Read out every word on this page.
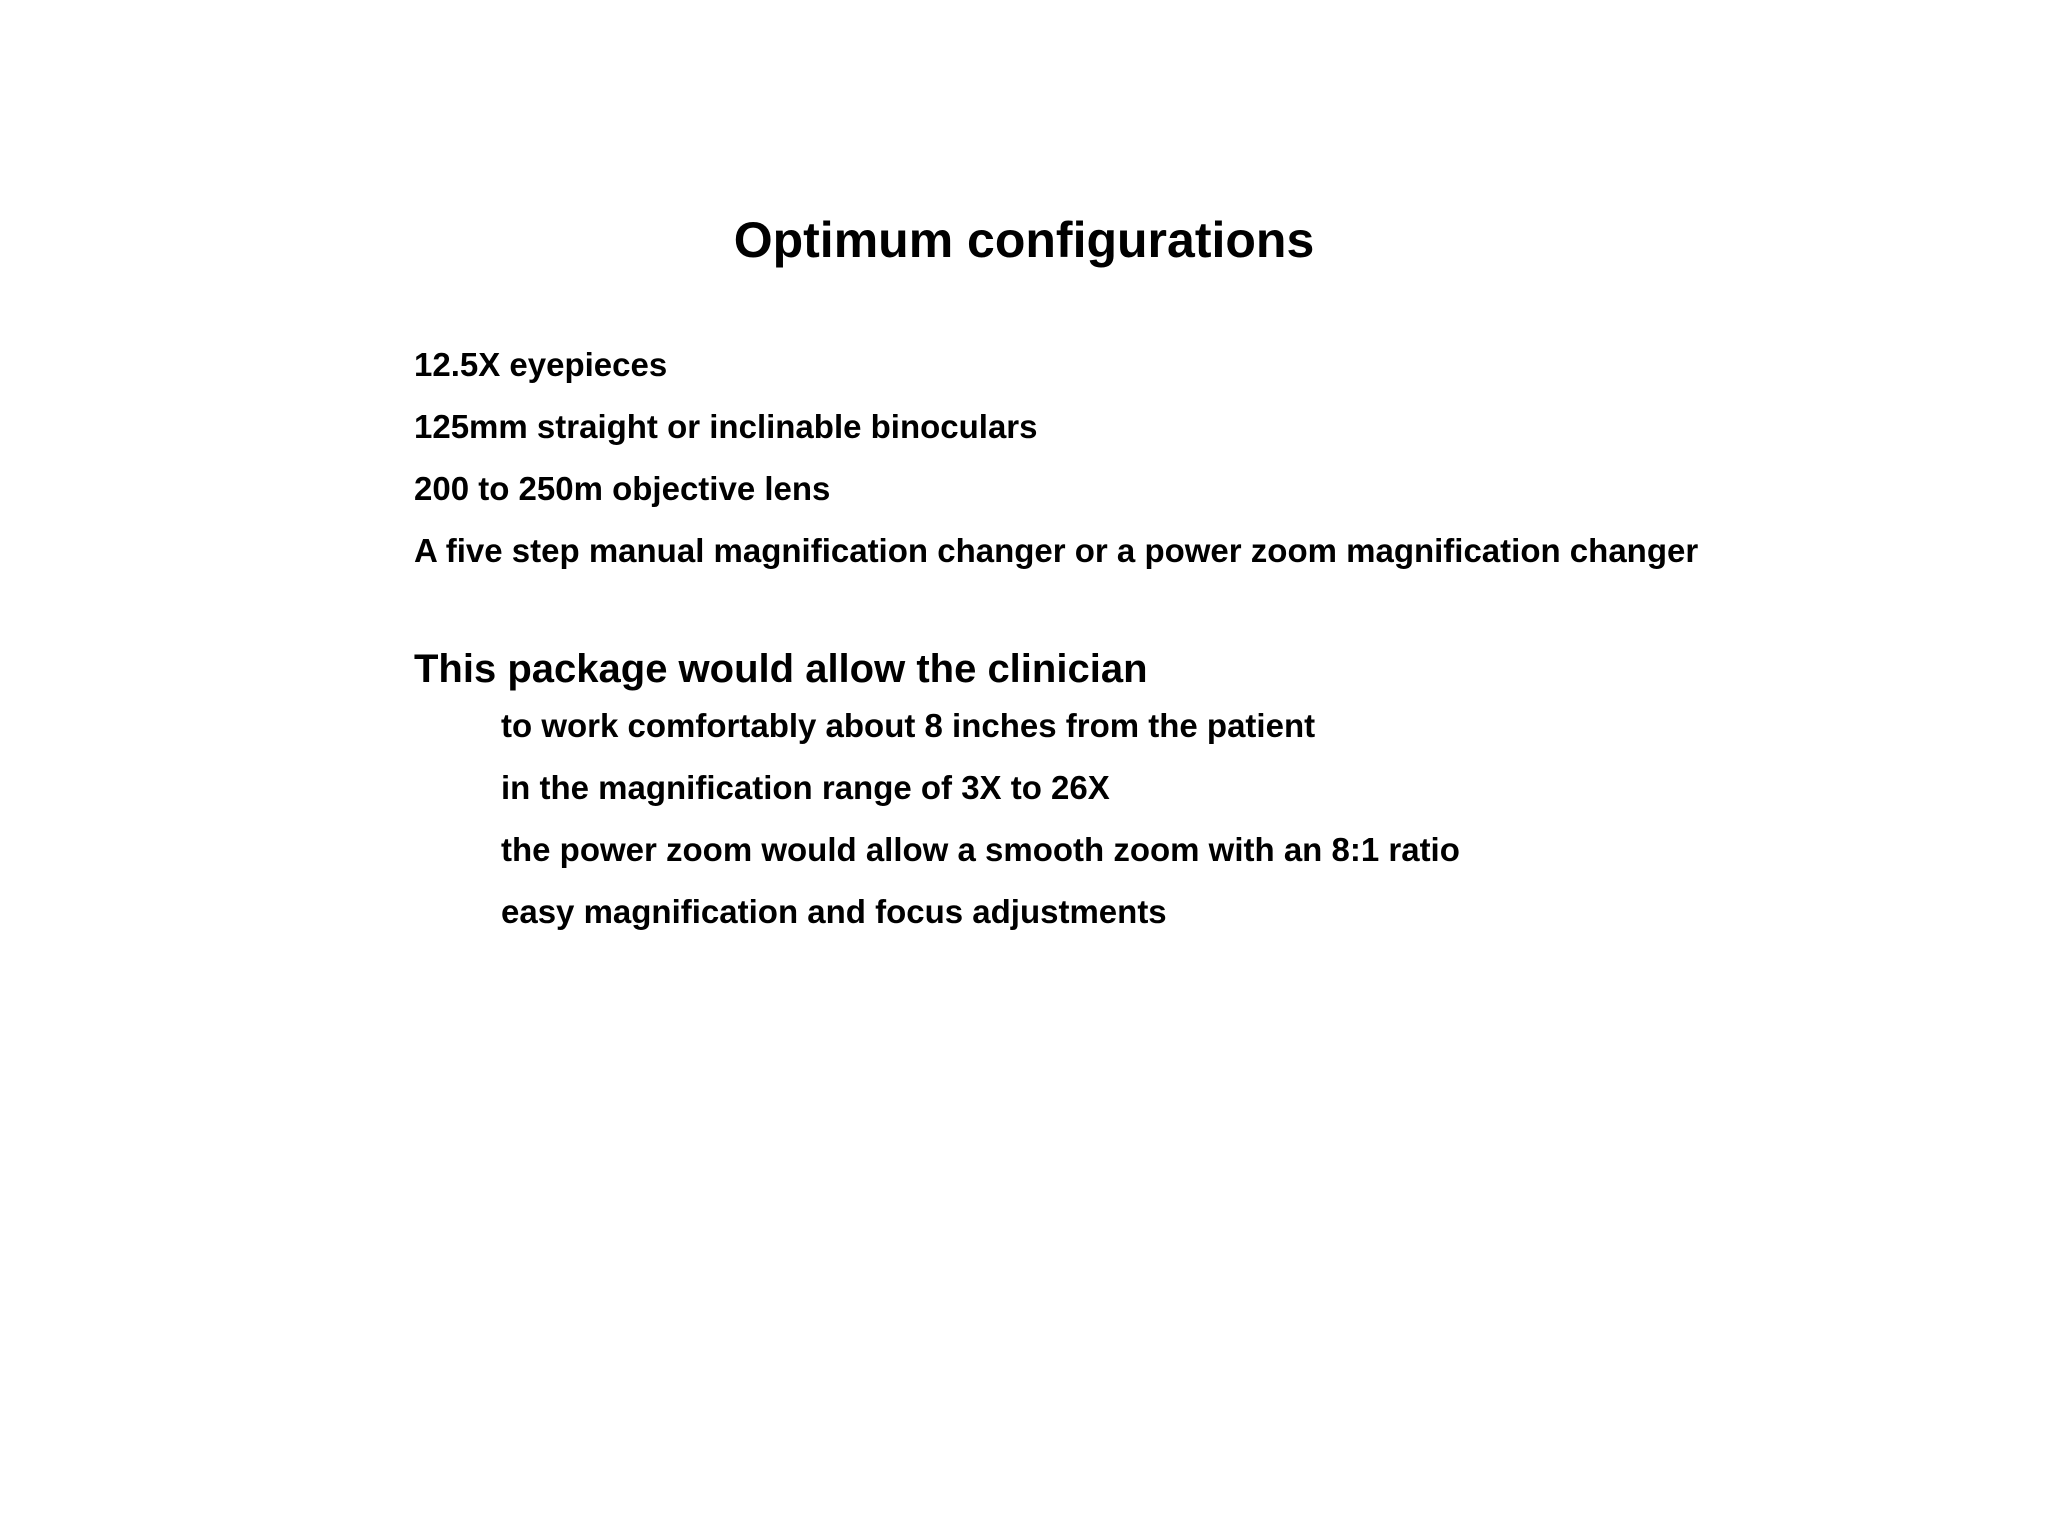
Optimum configurations
12.5X eyepieces
125mm straight or inclinable binoculars
200 to 250m objective lens
A five step manual magnification changer or a power zoom magnification changer
This package would allow the clinician
to work comfortably about 8 inches from the patient
in the magnification range of 3X to 26X
the power zoom would allow a smooth zoom with an 8:1 ratio
easy magnification and focus adjustments
